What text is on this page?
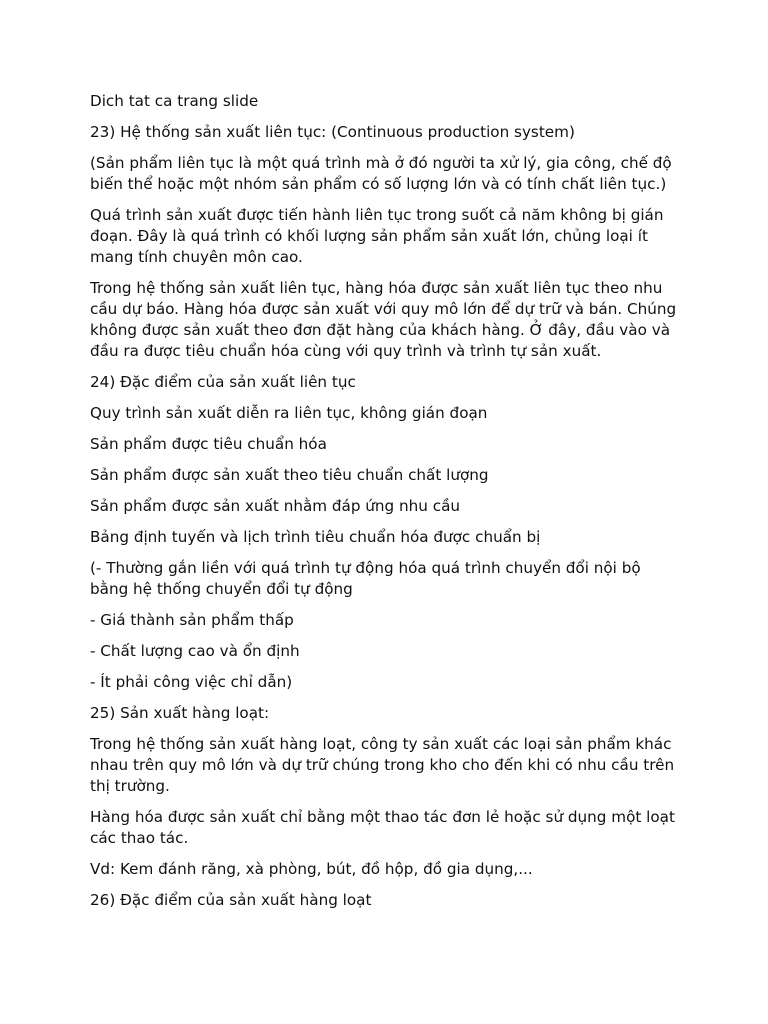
Dich tat ca trang slide

23) Hệ thống sản xuất liên tục: (Continuous production system)

(Sản phẩm liên tục là một quá trình mà ở đó người ta xử lý, gia công, chế độ biến thể hoặc một nhóm sản phẩm có số lượng lớn và có tính chất liên tục.)

Quá trình sản xuất được tiến hành liên tục trong suốt cả năm không bị gián đoạn. Đây là quá trình có khối lượng sản phẩm sản xuất lớn, chủng loại ít mang tính chuyên môn cao.

Trong hệ thống sản xuất liên tục, hàng hóa được sản xuất liên tục theo nhu cầu dự báo. Hàng hóa được sản xuất với quy mô lớn để dự trữ và bán. Chúng không được sản xuất theo đơn đặt hàng của khách hàng. Ở đây, đầu vào và đầu ra được tiêu chuẩn hóa cùng với quy trình và trình tự sản xuất.

24) Đặc điểm của sản xuất liên tục

Quy trình sản xuất diễn ra liên tục, không gián đoạn

Sản phẩm được tiêu chuẩn hóa

Sản phẩm được sản xuất theo tiêu chuẩn chất lượng

Sản phẩm được sản xuất nhằm đáp ứng nhu cầu

Bảng định tuyến và lịch trình tiêu chuẩn hóa được chuẩn bị

(- Thường gắn liền với quá trình tự động hóa quá trình chuyển đổi nội bộ bằng hệ thống chuyển đổi tự động

- Giá thành sản phẩm thấp

- Chất lượng cao và ổn định

- Ít phải công việc chỉ dẫn)

25) Sản xuất hàng loạt:

Trong hệ thống sản xuất hàng loạt, công ty sản xuất các loại sản phẩm khác nhau trên quy mô lớn và dự trữ chúng trong kho cho đến khi có nhu cầu trên thị trường.

Hàng hóa được sản xuất chỉ bằng một thao tác đơn lẻ hoặc sử dụng một loạt các thao tác.

Vd: Kem đánh răng, xà phòng, bút, đồ hộp, đồ gia dụng,...

26) Đặc điểm của sản xuất hàng loạt
